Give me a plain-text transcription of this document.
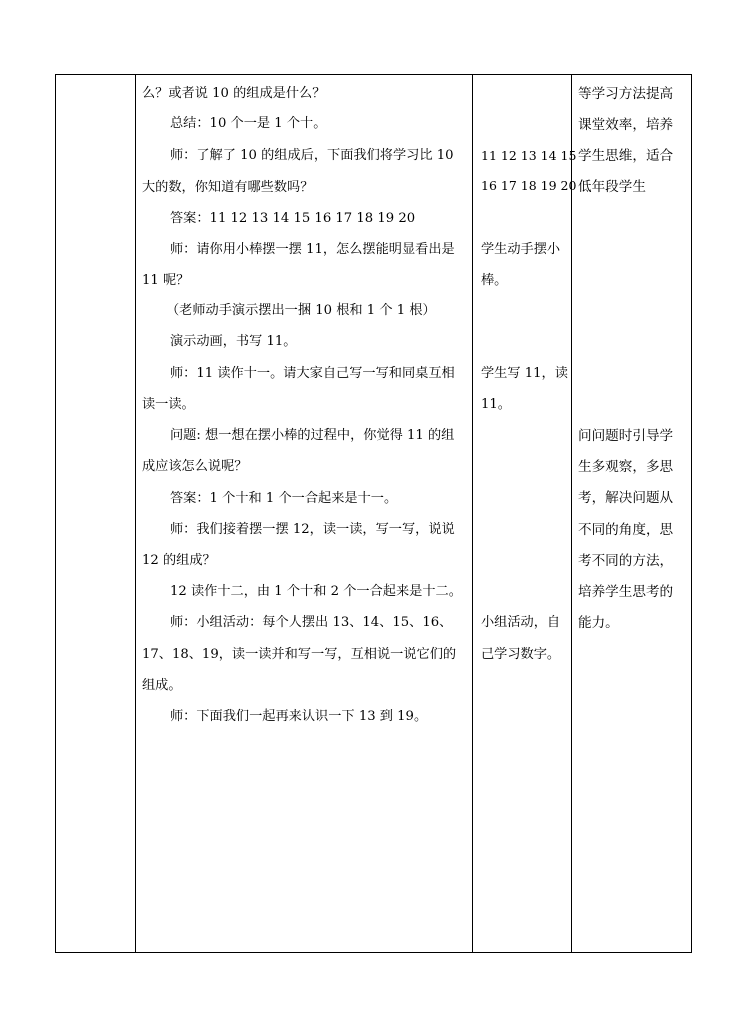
么？或者说 10 的组成是什么？
总结：10 个一是 1 个十。
师：了解了 10 的组成后，下面我们将学习比 10
大的数，你知道有哪些数吗？
答案：11 12 13 14 15 16 17 18 19 20
师：请你用小棒摆一摆 11，怎么摆能明显看出是
11 呢？
（老师动手演示摆出一捆 10 根和 1 个 1 根）
演示动画，书写 11。
师：11 读作十一。请大家自己写一写和同桌互相
读一读。
问题: 想一想在摆小棒的过程中，你觉得 11 的组
成应该怎么说呢？
答案：1 个十和 1 个一合起来是十一。
师：我们接着摆一摆 12，读一读，写一写，说说
12 的组成？
12 读作十二，由 1 个十和 2 个一合起来是十二。
师：小组活动：每个人摆出 13、14、15、16、
17、18、19，读一读并和写一写，互相说一说它们的
组成。
师：下面我们一起再来认识一下 13 到 19。

11 12 13 14 15
16 17 18 19 20
学生动手摆小
棒。
学生写 11，读
11。
小组活动，自
己学习数字。

等学习方法提高
课堂效率，培养
学生思维，适合
低年段学生
问问题时引导学
生多观察，多思
考，解决问题从
不同的角度，思
考不同的方法，
培养学生思考的
能力。
